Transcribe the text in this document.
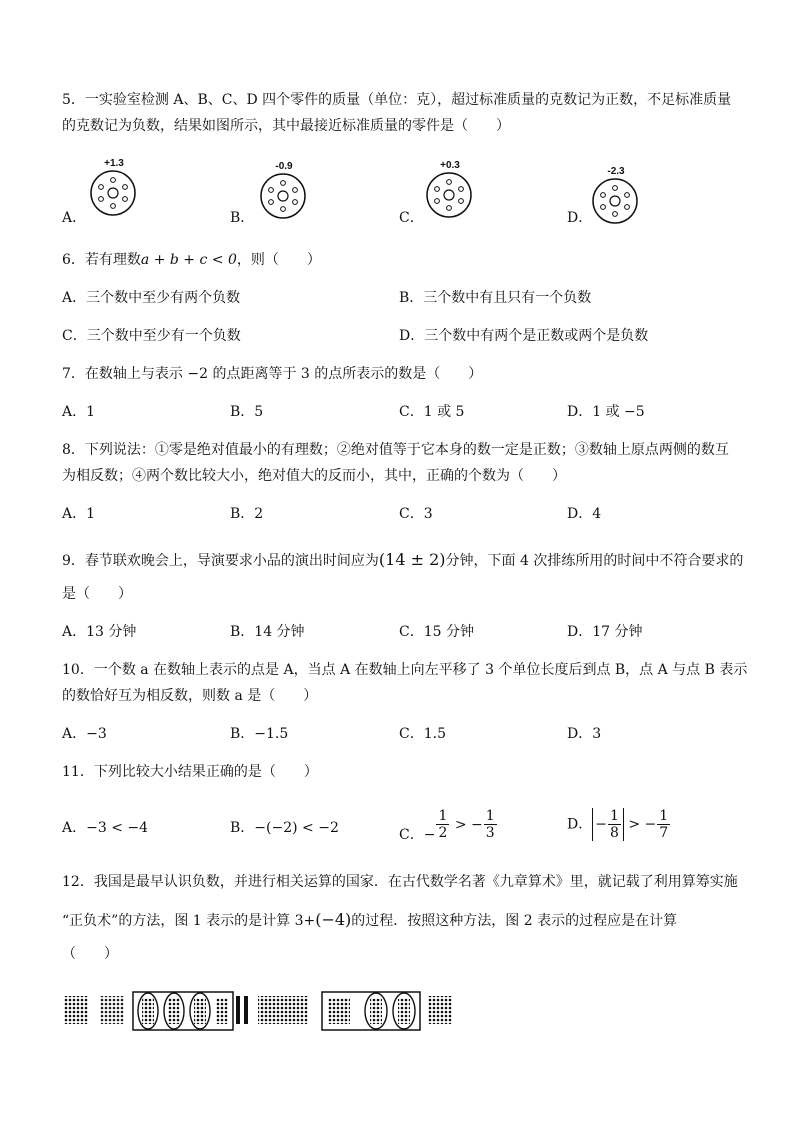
5．一实验室检测 A、B、C、D 四个零件的质量（单位：克），超过标准质量的克数记为正数，不足标准质量
的克数记为负数，结果如图所示，其中最接近标准质量的零件是（　　）
A．
+1.3
B．
-0.9
C．
+0.3
D．
-2.3
6．若有理数a + b + c < 0，则（　　）
A．三个数中至少有两个负数	B．三个数中有且只有一个负数
C．三个数中至少有一个负数	D．三个数中有两个是正数或两个是负数
7．在数轴上与表示 −2 的点距离等于 3 的点所表示的数是（　　）
A．1	B．5	C．1 或 5	D．1 或 −5
8．下列说法：①零是绝对值最小的有理数；②绝对值等于它本身的数一定是正数；③数轴上原点两侧的数互
为相反数；④两个数比较大小，绝对值大的反而小，其中，正确的个数为（　　）
A．1	B．2	C．3	D．4
9．春节联欢晚会上，导演要求小品的演出时间应为(14 ± 2)分钟，下面 4 次排练所用的时间中不符合要求的
是（　　）
A．13 分钟	B．14 分钟	C．15 分钟	D．17 分钟
10．一个数 a 在数轴上表示的点是 A，当点 A 在数轴上向左平移了 3 个单位长度后到点 B，点 A 与点 B 表示
的数恰好互为相反数，则数 a 是（　　）
A．−3	B．−1.5	C．1.5	D．3
11．下列比较大小结果正确的是（　　）
A．−3 < −4	B．−(−2) < −2	C．− $\frac{1}{2}$ > − $\frac{1}{3}$	D． − $\frac{1}{8}$ > − $\frac{1}{7}$
12．我国是最早认识负数，并进行相关运算的国家．在古代数学名著《九章算术》里，就记载了利用算筹实施
“正负术”的方法，图 1 表示的是计算 3+(−4)的过程．按照这种方法，图 2 表示的过程应是在计算
（　　）
